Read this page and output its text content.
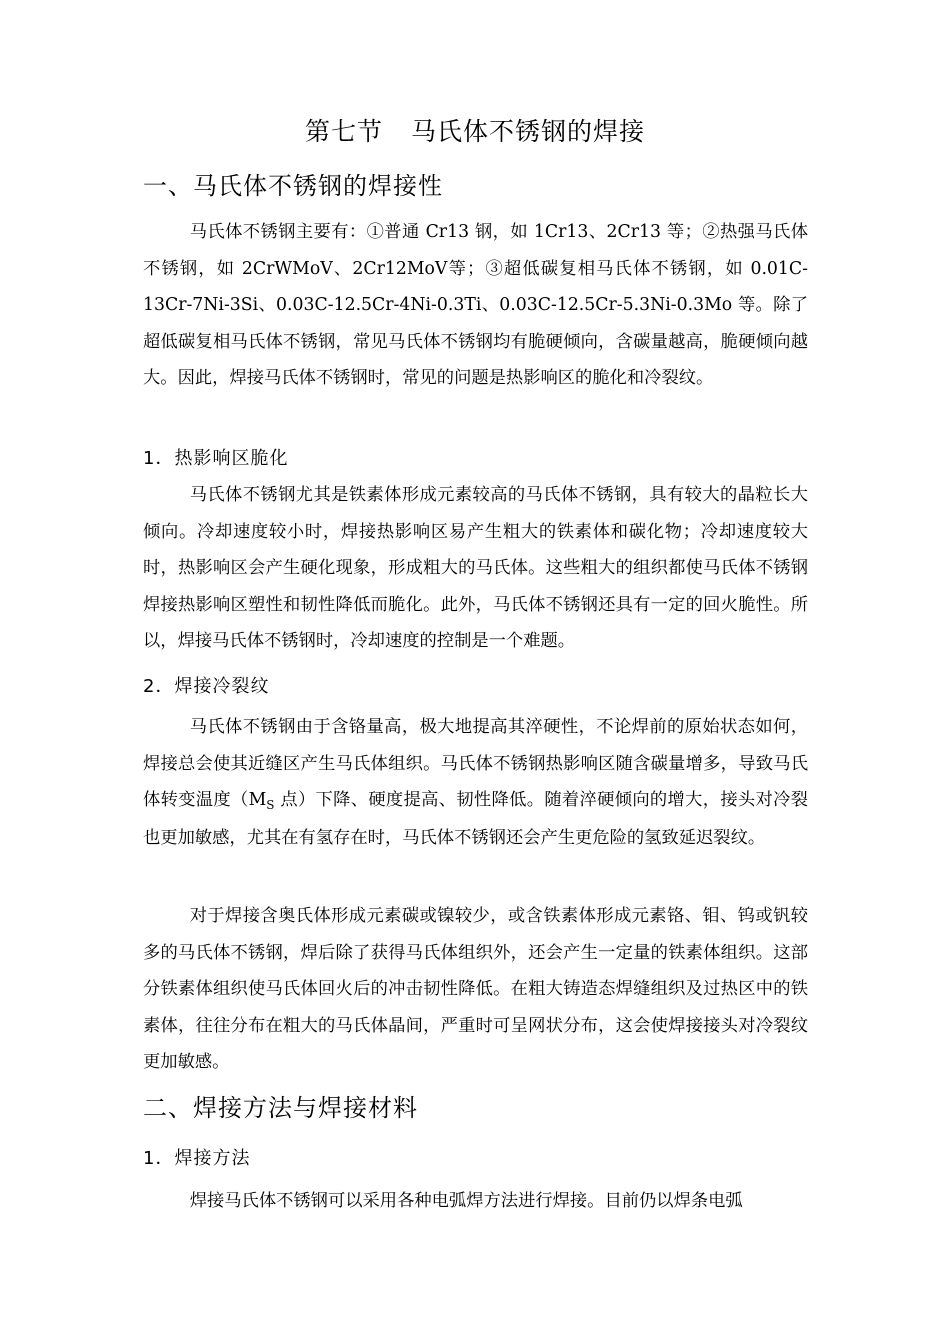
第七节 马氏体不锈钢的焊接
一、马氏体不锈钢的焊接性

马氏体不锈钢主要有：①普通 Cr13 钢，如 1Cr13、2Cr13 等；②热强马氏体不锈钢，如 2CrWMoV、2Cr12MoV等；③超低碳复相马氏体不锈钢，如 0.01C-13Cr-7Ni-3Si、0.03C-12.5Cr-4Ni-0.3Ti、0.03C-12.5Cr-5.3Ni-0.3Mo 等。除了超低碳复相马氏体不锈钢，常见马氏体不锈钢均有脆硬倾向，含碳量越高，脆硬倾向越大。因此，焊接马氏体不锈钢时，常见的问题是热影响区的脆化和冷裂纹。

1．热影响区脆化

马氏体不锈钢尤其是铁素体形成元素较高的马氏体不锈钢，具有较大的晶粒长大倾向。冷却速度较小时，焊接热影响区易产生粗大的铁素体和碳化物；冷却速度较大时，热影响区会产生硬化现象，形成粗大的马氏体。这些粗大的组织都使马氏体不锈钢焊接热影响区塑性和韧性降低而脆化。此外，马氏体不锈钢还具有一定的回火脆性。所以，焊接马氏体不锈钢时，冷却速度的控制是一个难题。

2．焊接冷裂纹

马氏体不锈钢由于含铬量高，极大地提高其淬硬性，不论焊前的原始状态如何，焊接总会使其近缝区产生马氏体组织。马氏体不锈钢热影响区随含碳量增多，导致马氏体转变温度（$M_S$ 点）下降、硬度提高、韧性降低。随着淬硬倾向的增大，接头对冷裂也更加敏感，尤其在有氢存在时，马氏体不锈钢还会产生更危险的氢致延迟裂纹。

对于焊接含奥氏体形成元素碳或镍较少，或含铁素体形成元素铬、钼、钨或钒较多的马氏体不锈钢，焊后除了获得马氏体组织外，还会产生一定量的铁素体组织。这部分铁素体组织使马氏体回火后的冲击韧性降低。在粗大铸造态焊缝组织及过热区中的铁素体，往往分布在粗大的马氏体晶间，严重时可呈网状分布，这会使焊接接头对冷裂纹更加敏感。

二、焊接方法与焊接材料
1．焊接方法

焊接马氏体不锈钢可以采用各种电弧焊方法进行焊接。目前仍以焊条电弧
